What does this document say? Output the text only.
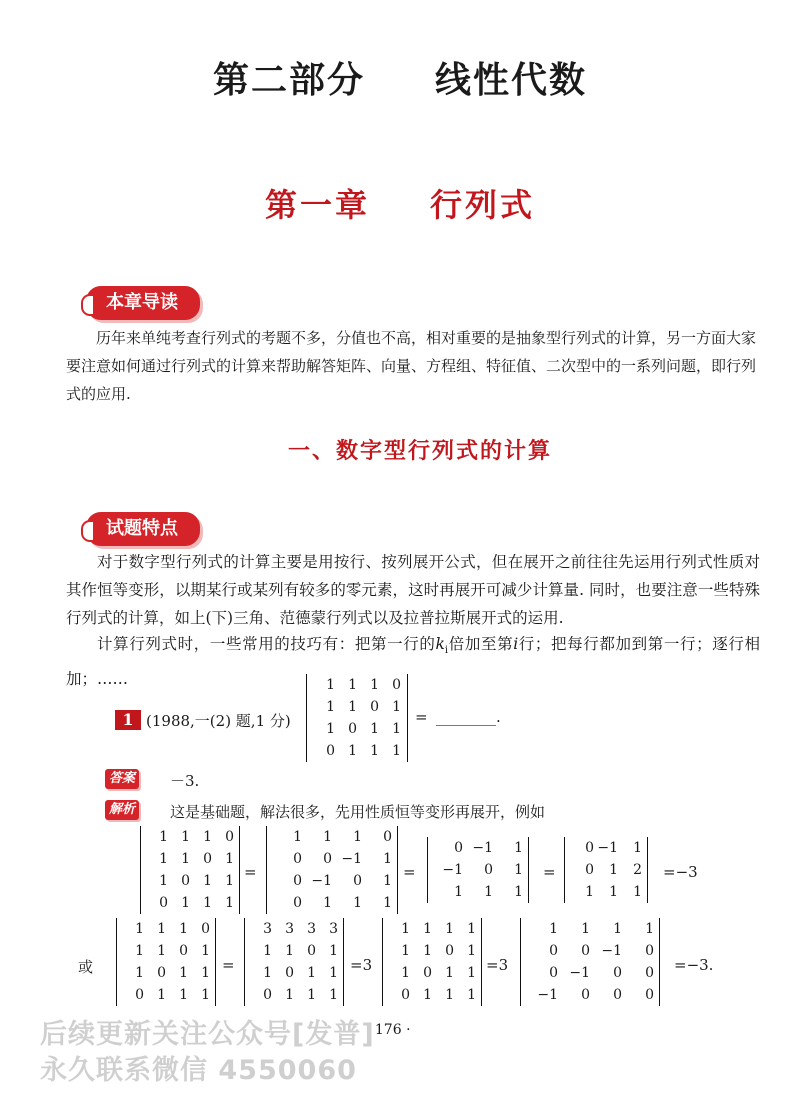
第二部分 线性代数
第一章 行列式
本章导读
历年来单纯考查行列式的考题不多，分值也不高，相对重要的是抽象型行列式的计算，另一方面大家要注意如何通过行列式的计算来帮助解答矩阵、向量、方程组、特征值、二次型中的一系列问题，即行列式的应用.
一、数字型行列式的计算
试题特点
对于数字型行列式的计算主要是用按行、按列展开公式，但在展开之前往往先运用行列式性质对其作恒等变形，以期某行或某列有较多的零元素，这时再展开可减少计算量. 同时，也要注意一些特殊行列式的计算，如上(下)三角、范德蒙行列式以及拉普拉斯展开式的运用.
计算行列式时，一些常用的技巧有：把第一行的$k_i$倍加至第i行；把每行都加到第一行；逐行相加；……
1 (1988,一(2) 题,1 分)
1	1	1	0
1	1	0	1
1	0	1	1
0	1	1	1
= ________.
答案 －3.
解析 这是基础题，解法很多，先用性质恒等变形再展开，例如
1	1	1	0
1	1	0	1
1	0	1	1
0	1	1	1
=
1	1	1	0
0	0	−1	1
0	−1	0	1
0	1	1	1
=
0	−1	1
−1	0	1
1	1	1
=
0	−1	1
0	1	2
1	1	1
=−3
或
1	1	1	0
1	1	0	1
1	0	1	1
0	1	1	1
=
3	3	3	3
1	1	0	1
1	0	1	1
0	1	1	1
=3
1	1	1	1
1	1	0	1
1	0	1	1
0	1	1	1
=3
1	1	1	1
0	0	−1	0
0	−1	0	0
−1	0	0	0
=−3.
· 176 ·
后续更新关注公众号[发普]
永久联系微信 4550060
